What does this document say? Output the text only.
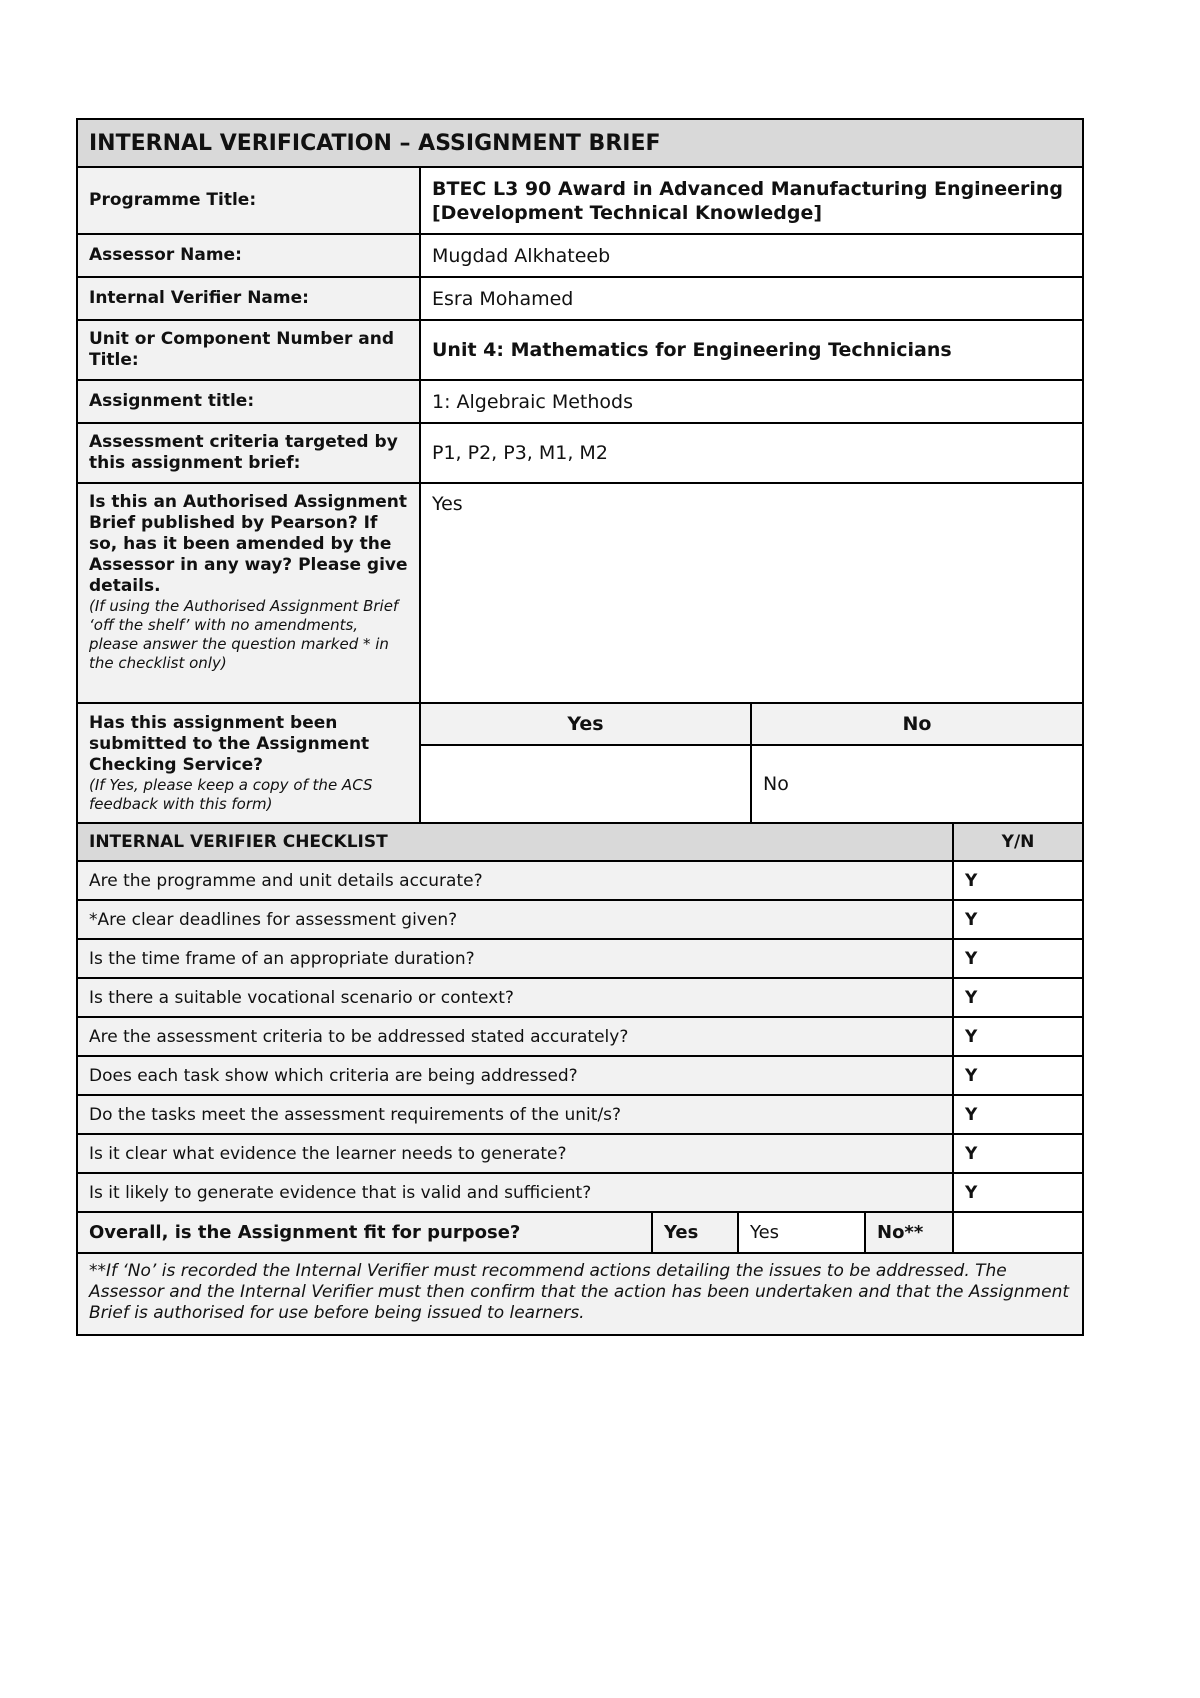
INTERNAL VERIFICATION – ASSIGNMENT BRIEF		
Programme Title:	BTEC L3 90 Award in Advanced Manufacturing Engineering [Development Technical Knowledge]	
Assessor Name:	Mugdad Alkhateeb	
Internal Verifier Name:	Esra Mohamed	
Unit or Component Number and Title:	Unit 4: Mathematics for Engineering Technicians	
Assignment title:	1: Algebraic Methods	
Assessment criteria targeted by this assignment brief:	P1, P2, P3, M1, M2	
Is this an Authorised Assignment Brief published by Pearson? If so, has it been amended by the Assessor in any way? Please give details.
(If using the Authorised Assignment Brief ‘off the shelf’ with no amendments, please answer the question marked * in the checklist only)	Yes	
Has this assignment been submitted to the Assignment Checking Service?
(If Yes, please keep a copy of the ACS feedback with this form)	Yes	No
		No
INTERNAL VERIFIER CHECKLIST				Y/N
Are the programme and unit details accurate?				Y
*Are clear deadlines for assessment given?				Y
Is the time frame of an appropriate duration?				Y
Is there a suitable vocational scenario or context?				Y
Are the assessment criteria to be addressed stated accurately?				Y
Does each task show which criteria are being addressed?				Y
Do the tasks meet the assessment requirements of the unit/s?				Y
Is it clear what evidence the learner needs to generate?				Y
Is it likely to generate evidence that is valid and sufficient?				Y
Overall, is the Assignment fit for purpose?	Yes	Yes	No**	
**If ‘No’ is recorded the Internal Verifier must recommend actions detailing the issues to be addressed. The Assessor and the Internal Verifier must then confirm that the action has been undertaken and that the Assignment Brief is authorised for use before being issued to learners.				
